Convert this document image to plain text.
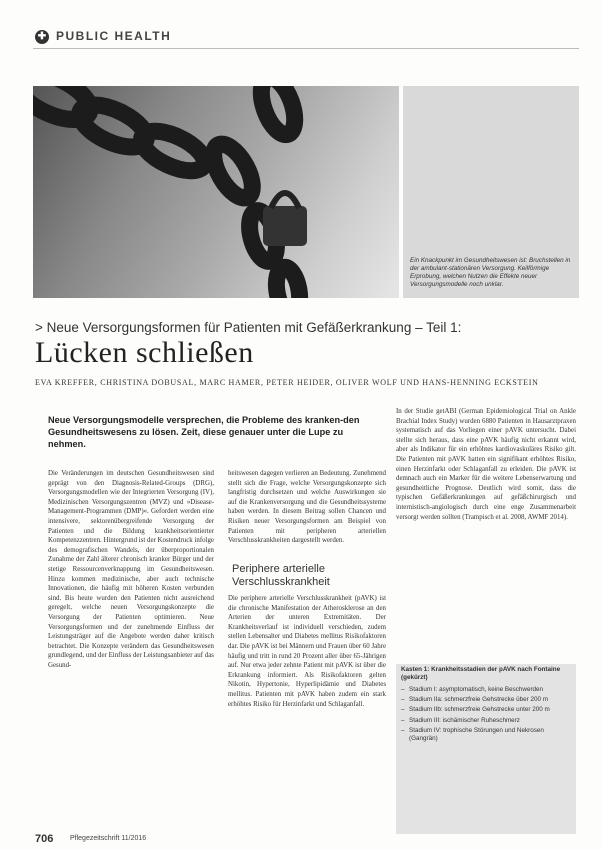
✚ PUBLIC HEALTH
Ein Knackpunkt im Gesundheitswesen ist: Bruchstellen in der ambulant-stationären Versorgung. Keilförmige Erprobung, welchen Nutzen die Effekte neuer Versorgungsmodelle noch unklar.
> Neue Versorgungsformen für Patienten mit Gefäßerkrankung – Teil 1:
Lücken schließen
EVA KREFFER, CHRISTINA DOBUSAL, MARC HAMER, PETER HEIDER, OLIVER WOLF UND HANS-HENNING ECKSTEIN
Neue Versorgungsmodelle versprechen, die Probleme des kranken-den Gesundheitswesens zu lösen. Zeit, diese genauer unter die Lupe zu nehmen.

Die Veränderungen im deutschen Gesundheitswesen sind geprägt von den Diagnosis-Related-Groups (DRG), Versorgungsmodellen wie der Integrierten Versorgung (IV), Medizinischen Versorgungszentren (MVZ) und »Disease-Management-Programmen (DMP)«. Gefordert werden eine intensivere, sektorenübergreifende Versorgung der Patienten und die Bildung krankheitsorientierter Kompetenzzentren. Hintergrund ist der Kostendruck infolge des demografischen Wandels, der überproportionalen Zunahme der Zahl älterer chronisch kranker Bürger und der stetige Ressourcenverknappung im Gesundheitswesen. Hinzu kommen medizinische, aber auch technische Innovationen, die häufig mit höheren Kosten verbunden sind. Bis heute wurden den Patienten nicht ausreichend geregelt, welche neuen Versorgungskonzepte die Versorgung der Patienten optimieren. Neue Versorgungsformen und der zunehmende Einfluss der Leistungsträger auf die Angebote werden daher kritisch betrachtet. Die Konzepte verändern das Gesundheitswesen grundlegend, und der Einfluss der Leistungsanbieter auf das Gesund-

heitswesen dagegen verlieren an Bedeutung. Zunehmend stellt sich die Frage, welche Versorgungskonzepte sich langfristig durchsetzen und welche Auswirkungen sie auf die Krankenversorgung und die Gesundheitssysteme haben werden. In diesem Beitrag sollen Chancen und Risiken neuer Versorgungsformen am Beispiel von Patienten mit peripheren arteriellen Verschlusskrankheiten dargestellt werden.

Periphere arterielle Verschlusskrankheit

Die periphere arterielle Verschlusskrankheit (pAVK) ist die chronische Manifestation der Atherosklerose an den Arterien der unteren Extremitäten. Der Krankheitsverlauf ist individuell verschieden, zudem stellen Lebensalter und Diabetes mellitus Risikofaktoren dar. Die pAVK ist bei Männern und Frauen über 60 Jahre häufig und tritt in rund 20 Prozent aller über 65-Jährigen auf. Nur etwa jeder zehnte Patient mit pAVK ist über die Erkrankung informiert. Als Risikofaktoren gelten Nikotin, Hypertonie, Hyperlipidämie und Diabetes mellitus. Patienten mit pAVK haben zudem ein stark erhöhtes Risiko für Herzinfarkt und Schlaganfall.

In der Studie getABI (German Epidemiological Trial on Ankle Brachial Index Study) wurden 6880 Patienten in Hausarztpraxen systematisch auf das Vorliegen einer pAVK untersucht. Dabei stellte sich heraus, dass eine pAVK häufig nicht erkannt wird, aber als Indikator für ein erhöhtes kardiovaskuläres Risiko gilt. Die Patienten mit pAVK hatten ein signifikant erhöhtes Risiko, einen Herzinfarkt oder Schlaganfall zu erleiden. Die pAVK ist demnach auch ein Marker für die weitere Lebenserwartung und gesundheitliche Prognose. Deutlich wird somit, dass die typischen Gefäßerkrankungen auf gefäßchirurgisch und internistisch-angiologisch durch eine enge Zusammenarbeit versorgt werden sollten (Trampisch et al. 2008, AWMF 2014).

Kasten 1: Krankheitsstadien der pAVK nach Fontaine (gekürzt)
– Stadium I: asymptomatisch, keine Beschwerden
– Stadium IIa: schmerzfreie Gehstrecke über 200 m
– Stadium IIb: schmerzfreie Gehstrecke unter 200 m
– Stadium III: ischämischer Ruheschmerz
– Stadium IV: trophische Störungen und Nekrosen (Gangrän)
706 Pflegezeitschrift 11/2016
